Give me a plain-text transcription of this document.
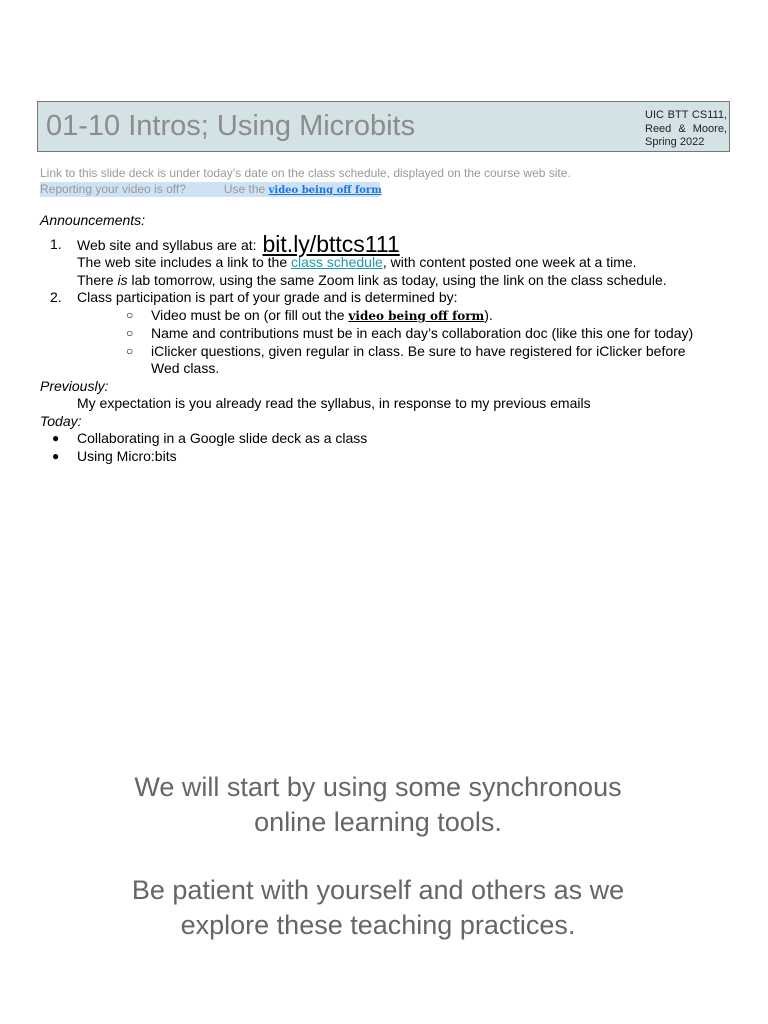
01-10 Intros; Using Microbits	UIC BTT CS111,
Reed & Moore,
Spring 2022
Link to this slide deck is under today’s date on the class schedule, displayed on the course web site.
Reporting your video is off?	Use the video being off form
Announcements:
1. Web site and syllabus are at: bit.ly/bttcs111
The web site includes a link to the class schedule, with content posted one week at a time.
There is lab tomorrow, using the same Zoom link as today, using the link on the class schedule.
2. Class participation is part of your grade and is determined by:
○ Video must be on (or fill out the video being off form).
○ Name and contributions must be in each day’s collaboration doc (like this one for today)
○ iClicker questions, given regular in class. Be sure to have registered for iClicker before
Wed class.
Previously:
My expectation is you already read the syllabus, in response to my previous emails
Today:
● Collaborating in a Google slide deck as a class
● Using Micro:bits

We will start by using some synchronous

online learning tools.

Be patient with yourself and others as we

explore these teaching practices.
